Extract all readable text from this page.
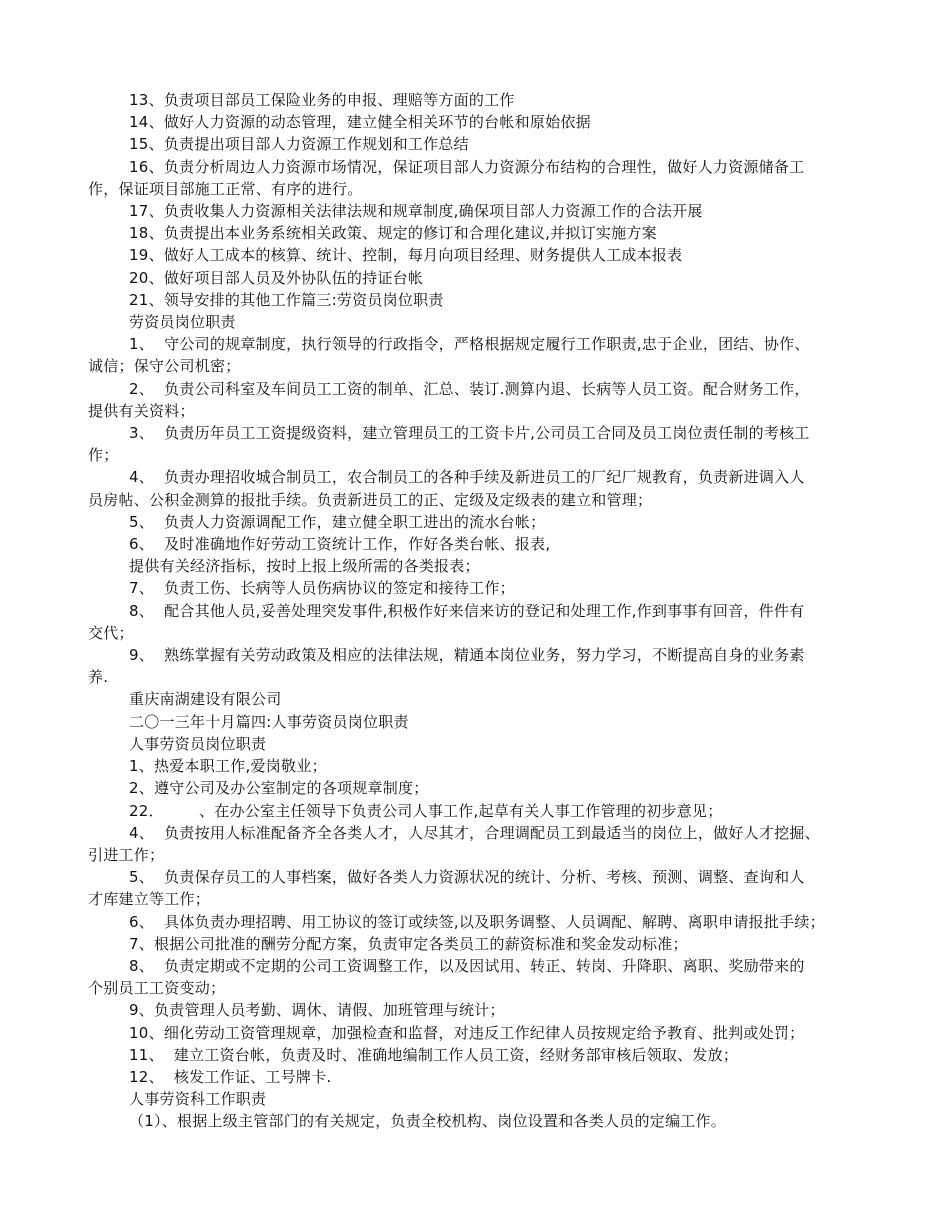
13、负责项目部员工保险业务的申报、理赔等方面的工作
14、做好人力资源的动态管理，建立健全相关环节的台帐和原始依据
15、负责提出项目部人力资源工作规划和工作总结
16、负责分析周边人力资源市场情况，保证项目部人力资源分布结构的合理性，做好人力资源储备工
作，保证项目部施工正常、有序的进行。
17、负责收集人力资源相关法律法规和规章制度,确保项目部人力资源工作的合法开展
18、负责提出本业务系统相关政策、规定的修订和合理化建议,并拟订实施方案
19、做好人工成本的核算、统计、控制，每月向项目经理、财务提供人工成本报表
20、做好项目部人员及外协队伍的持证台帐
21、领导安排的其他工作篇三:劳资员岗位职责
劳资员岗位职责
1、  守公司的规章制度，执行领导的行政指令，严格根据规定履行工作职责,忠于企业，团结、协作、
诚信；保守公司机密；
2、  负责公司科室及车间员工工资的制单、汇总、装订.测算内退、长病等人员工资。配合财务工作，
提供有关资料；
3、  负责历年员工工资提级资料，建立管理员工的工资卡片,公司员工合同及员工岗位责任制的考核工
作；
4、  负责办理招收城合制员工，农合制员工的各种手续及新进员工的厂纪厂规教育，负责新进调入人
员房帖、公积金测算的报批手续。负责新进员工的正、定级及定级表的建立和管理；
5、  负责人力资源调配工作，建立健全职工进出的流水台帐；
6、  及时准确地作好劳动工资统计工作，作好各类台帐、报表,
提供有关经济指标，按时上报上级所需的各类报表；
7、  负责工伤、长病等人员伤病协议的签定和接待工作；
8、  配合其他人员,妥善处理突发事件,积极作好来信来访的登记和处理工作,作到事事有回音，件件有
交代；
9、  熟练掌握有关劳动政策及相应的法律法规，精通本岗位业务，努力学习，不断提高自身的业务素
养.
重庆南湖建设有限公司
二〇一三年十月篇四:人事劳资员岗位职责
人事劳资员岗位职责
1、热爱本职工作,爱岗敬业；
2、遵守公司及办公室制定的各项规章制度；
22．       、在办公室主任领导下负责公司人事工作,起草有关人事工作管理的初步意见；
4、  负责按用人标准配备齐全各类人才，人尽其才，合理调配员工到最适当的岗位上，做好人才挖掘、
引进工作；
5、  负责保存员工的人事档案，做好各类人力资源状况的统计、分析、考核、预测、调整、查询和人
才库建立等工作；
6、  具体负责办理招聘、用工协议的签订或续签,以及职务调整、人员调配、解聘、离职申请报批手续；
7、根据公司批准的酬劳分配方案，负责审定各类员工的薪资标准和奖金发动标准；
8、  负责定期或不定期的公司工资调整工作，以及因试用、转正、转岗、升降职、离职、奖励带来的
个别员工工资变动；
9、负责管理人员考勤、调休、请假、加班管理与统计；
10、细化劳动工资管理规章，加强检查和监督，对违反工作纪律人员按规定给予教育、批判或处罚；
11、  建立工资台帐，负责及时、准确地编制工作人员工资，经财务部审核后领取、发放；
12、  核发工作证、工号牌卡.
人事劳资科工作职责
（1）、根据上级主管部门的有关规定，负责全校机构、岗位设置和各类人员的定编工作。
